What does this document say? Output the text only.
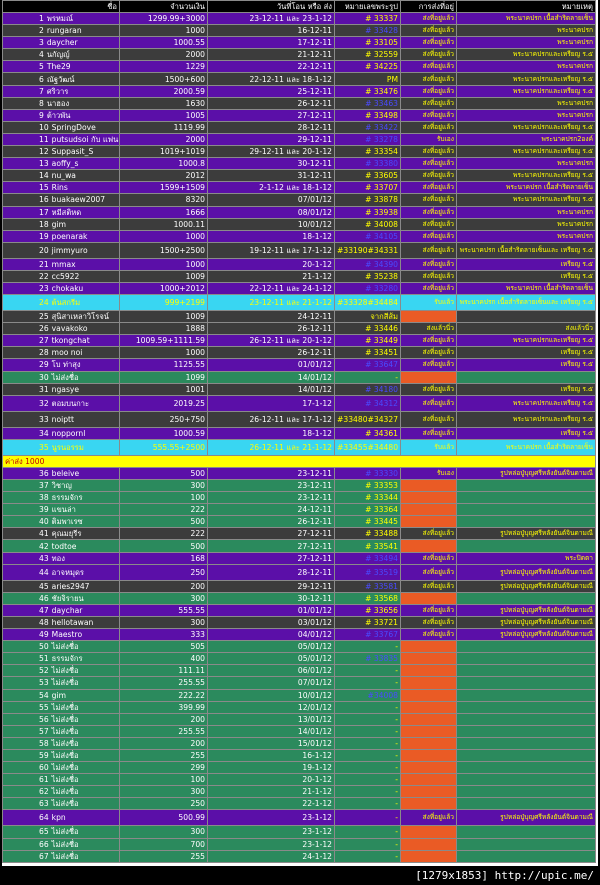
ชื่อ	จำนวนเงิน	วันที่โอน หรือ ส่ง	หมายเลขพระรูป	การส่งที่อยู่	หมายเหตุ
1 พรหมณ์	1299.99+3000	23-12-11 และ 23-1-12	# 33337	ส่งที่อยู่แล้ว	พระนาคปรก เนื้อสำริดลายเซ็น
2 rungaran	1000	16-12-11	# 33428	ส่งที่อยู่แล้ว	พระนาคปรก
3 daycher	1000.55	17-12-11	# 33105	ส่งที่อยู่แล้ว	พระนาคปรก
4 นกัญญ์	2000	21-12-11	# 32559	ส่งที่อยู่แล้ว	พระนาคปรกและเหรียญ ร.๕
5 The29	1229	22-12-11	# 34225	ส่งที่อยู่แล้ว	พระนาคปรก
6 ณัฐวัฒน์	1500+600	22-12-11 และ 18-1-12	PM	ส่งที่อยู่แล้ว	พระนาคปรกและเหรียญ ร.๕
7 ศริวาร	2000.59	25-12-11	# 33476	ส่งที่อยู่แล้ว	พระนาคปรกและเหรียญ ร.๕
8 นาฮอง	1630	26-12-11	# 33463	ส่งที่อยู่แล้ว	พระนาคปรก
9 ต้าวพัน	1005	27-12-11	# 33498	ส่งที่อยู่แล้ว	พระนาคปรก
10 SpringDove	1119.99	28-12-11	# 33422	ส่งที่อยู่แล้ว	พระนาคปรกและเหรียญ ร.๕
11 putsudsoi กับ แฟน	2000	29-12-11	# 33278	รับเอง	พระนาคปรก2องค์
12 Suppasit_S	1019+1019	29-12-11 และ 20-1-12	# 33354	ส่งที่อยู่แล้ว	พระนาคปรกและเหรียญ ร.๕
13 aoffy_s	1000.8	30-12-11	# 33380	ส่งที่อยู่แล้ว	พระนาคปรก
14 nu_wa	2012	31-12-11	# 33605	ส่งที่อยู่แล้ว	พระนาคปรกและเหรียญ ร.๕
15 Rins	1599+1509	2-1-12 และ 18-1-12	# 33707	ส่งที่อยู่แล้ว	พระนาคปรก เนื้อสำริดลายเซ็น
16 buakaew2007	8320	07/01/12	# 33878	ส่งที่อยู่แล้ว	พระนาคปรกและเหรียญ ร.๕
17 หมีสติหด	1666	08/01/12	# 33938	ส่งที่อยู่แล้ว	พระนาคปรก
18 gim	1000.11	10/01/12	# 34008	ส่งที่อยู่แล้ว	พระนาคปรก
19 poenarak	1000	18-1-12	# 34105	ส่งที่อยู่แล้ว	พระนาคปรก
20 jimmyuro	1500+2500	19-12-11 และ 17-1-12	#33190#34331	ส่งที่อยู่แล้ว	พระนาคปรก เนื้อสำริดลายเซ็นและ เหรียญ ร.๕
21 mmax	1000	20-1-12	# 34390	ส่งที่อยู่แล้ว	เหรียญ ร.๕
22 cc5922	1009	21-1-12	# 35238	ส่งที่อยู่แล้ว	เหรียญ ร.๕
23 chokaku	1000+2012	22-12-11 และ 24-1-12	# 33280	ส่งที่อยู่แล้ว	พระนาคปรก เนื้อสำริดลายเซ็น
24 ต้นสกรีม	999+2199	23-12-11 และ 21-1-12	#33328#34484	รับแล้ว	พระนาคปรก เนื้อสำริดลายเซ็นและ เหรียญ ร.๕
25 สุนิสาเหลาวิโรจน์	1009	24-12-11	จากสีส้ม		
26 vavakoko	1888	26-12-11	# 33446	ส่งแล้วนี่ว	ส่งแล้วนี่ว
27 tkongchat	1009.59+1111.59	26-12-11 และ 20-1-12	# 33449	ส่งที่อยู่แล้ว	พระนาคปรกและเหรียญ ร.๕
28 moo noi	1000	26-12-11	# 33451	ส่งที่อยู่แล้ว	เหรียญ ร.๕
29 โบ ท่าสุง	1125.55	01/01/12	# 33647	ส่งที่อยู่แล้ว	เหรียญ ร.๕
30 ไม่ส่งชื่อ	1099	14/01/12	-		
31 ngasye	1001	14/01/12	# 34180	ส่งที่อยู่แล้ว	เหรียญ ร.๕
32 ตอมบนกาะ	2019.25	17-1-12	# 34312	ส่งที่อยู่แล้ว	พระนาคปรกและเหรียญ ร.๕
33 noiptt	250+750	26-12-11 และ 17-1-12	#33480#34327	ส่งที่อยู่แล้ว	พระนาคปรกและเหรียญ ร.๕
34 noppornl	1000.59	18-1-12	# 34361	ส่งที่อยู่แล้ว	เหรียญ ร.๕
35 นูรนอรรม	555.55+2500	26-12-11 และ 21-1-12	#33455#34480	รับแล้ว	พระนาคปรก เนื้อสำริดลายเซ็น
ค่าส่ง 1000					
36 beleive	500	23-12-11	# 33330	รับเอง	รูปหล่อปู่บุญศรีหลังยันต์จินดามณี
37 วิชาญ	300	23-12-11	# 33353		
38 ธรรมจักร	100	23-12-11	# 33344		
39 แขนล่า	222	24-12-11	# 33364		
40 ติมพาเรซ	500	26-12-11	# 33445		
41 คุณมยุรีร	222	27-12-11	# 33488	ส่งที่อยู่แล้ว	รูปหล่อปู่บุญศรีหลังยันต์จินดามณี
42 todtoe	500	27-12-11	# 33541		
43 ทอง	168	27-12-11	# 33494	ส่งที่อยู่แล้ว	พระปิดตา
44 อาจหมุดร	250	28-12-11	# 33519	ส่งที่อยู่แล้ว	รูปหล่อปู่บุญศรีหลังยันต์จินดามณี
45 aries2947	200	29-12-11	# 33581	ส่งที่อยู่แล้ว	รูปหล่อปู่บุญศรีหลังยันต์จินดามณี
46 ชัยจิรายน	300	30-12-11	# 33568		
47 daychar	555.55	01/01/12	# 33656	ส่งที่อยู่แล้ว	รูปหล่อปู่บุญศรีหลังยันต์จินดามณี
48 hellotawan	300	03/01/12	# 33721	ส่งที่อยู่แล้ว	รูปหล่อปู่บุญศรีหลังยันต์จินดามณี
49 Maestro	333	04/01/12	# 33767	ส่งที่อยู่แล้ว	รูปหล่อปู่บุญศรีหลังยันต์จินดามณี
50 ไม่ส่งชื่อ	505	05/01/12	-		
51 ธรรมจักร	400	05/01/12	# 33835		
52 ไม่ส่งชื่อ	111.11	06/01/12	-		
53 ไม่ส่งชื่อ	255.55	07/01/12	-		
54 gim	222.22	10/01/12	#34008		
55 ไม่ส่งชื่อ	399.99	12/01/12	-		
56 ไม่ส่งชื่อ	200	13/01/12	-		
57 ไม่ส่งชื่อ	255.55	14/01/12	-		
58 ไม่ส่งชื่อ	200	15/01/12	-		
59 ไม่ส่งชื่อ	255	16-1-12	-		
60 ไม่ส่งชื่อ	299	19-1-12	-		
61 ไม่ส่งชื่อ	100	20-1-12	-		
62 ไม่ส่งชื่อ	300	21-1-12	-		
63 ไม่ส่งชื่อ	250	22-1-12	-		
64 kpn	500.99	23-1-12	-	ส่งที่อยู่แล้ว	รูปหล่อปู่บุญศรีหลังยันต์จินดามณี
65 ไม่ส่งชื่อ	300	23-1-12	-		
66 ไม่ส่งชื่อ	700	23-1-12	-		
67 ไม่ส่งชื่อ	255	24-1-12	-		
[1279x1853] http://upic.me/
